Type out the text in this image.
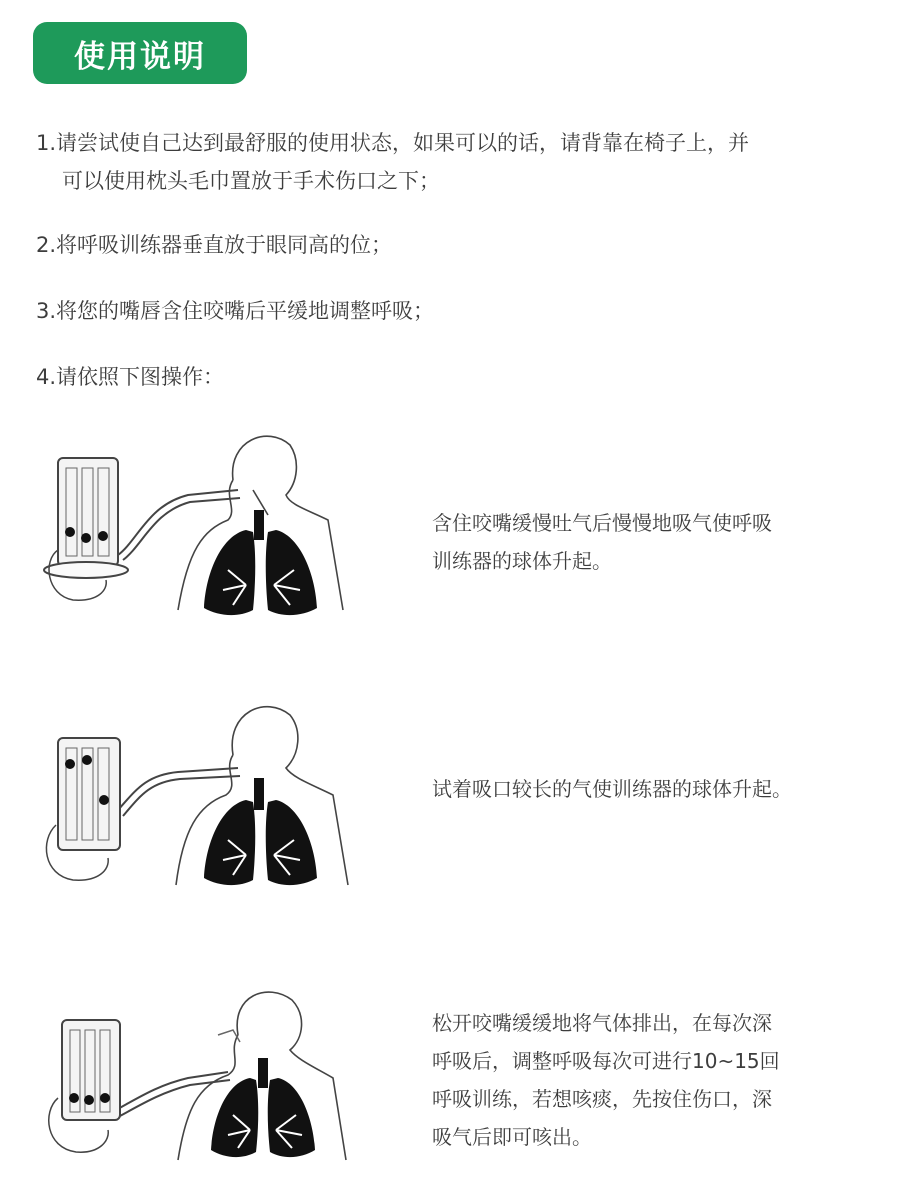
使用说明
1.请尝试使自己达到最舒服的使用状态，如果可以的话，请背靠在椅子上，并
可以使用枕头毛巾置放于手术伤口之下；
2.将呼吸训练器垂直放于眼同高的位；
3.将您的嘴唇含住咬嘴后平缓地调整呼吸；
4.请依照下图操作：
含住咬嘴缓慢吐气后慢慢地吸气使呼吸
训练器的球体升起。
试着吸口较长的气使训练器的球体升起。
松开咬嘴缓缓地将气体排出，在每次深
呼吸后，调整呼吸每次可进行10~15回
呼吸训练，若想咳痰，先按住伤口，深
吸气后即可咳出。
